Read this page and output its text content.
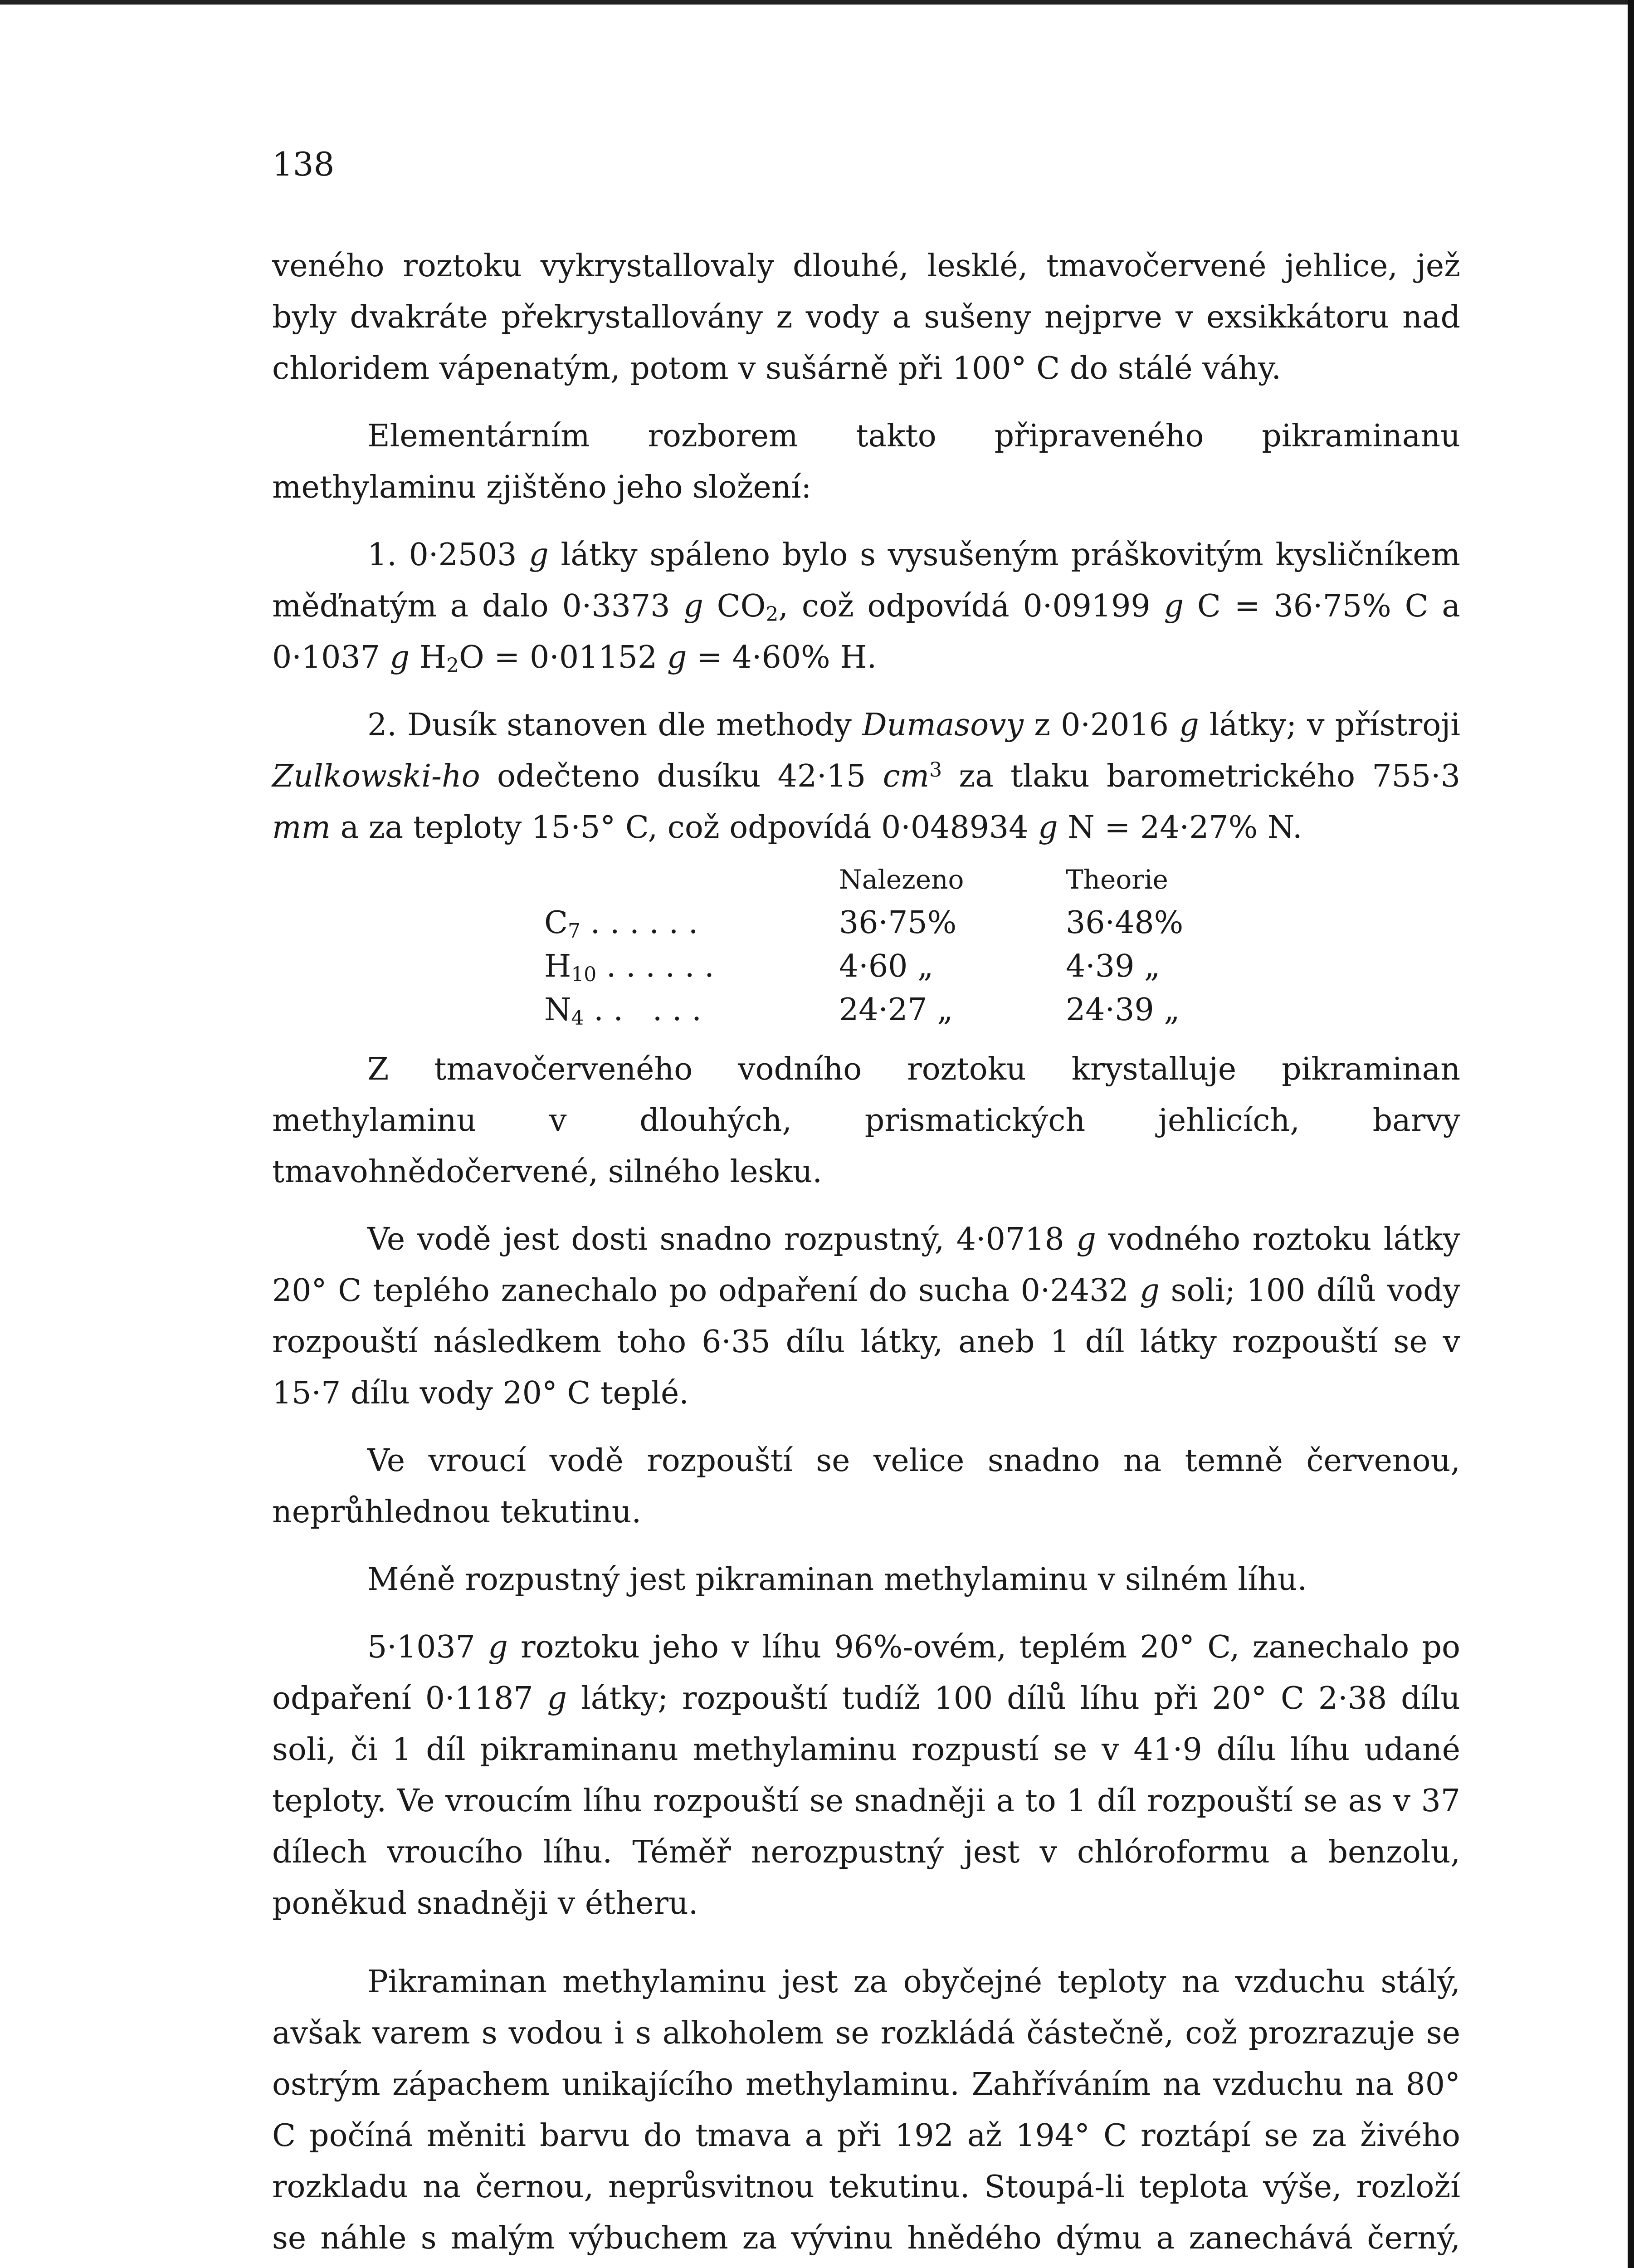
138

veného roztoku vykrystallovaly dlouhé, lesklé, tmavočervené jehlice, jež byly dvakráte překrystallovány z vody a sušeny nejprve v exsikkátoru nad chloridem vápenatým, potom v sušárně při 100° C do stálé váhy.

Elementárním rozborem takto připraveného pikraminanu methylaminu zjištěno jeho složení:

1. 0·2503 g látky spáleno bylo s vysušeným práškovitým kysličníkem měďnatým a dalo 0·3373 g $CO_2$, což odpovídá 0·09199 g C = 36·75% C a 0·1037 g $H_2O = 0\cdot 01152$ g = 4·60% H.

2. Dusík stanoven dle methody Dumasovy z 0·2016 g látky; v přístroji Zulkowski-ho odečteno dusíku 42·15 $cm^3$ za tlaku barometrického 755·3 mm a za teploty 15·5° C, což odpovídá 0·048934 g N = 24·27% N.

Nalezeno	Theorie
$C_7$ . . . . . .	36·75%	36·48%
$H_{10}$ . . . . . .	4·60 „	4·39 „
$N_4$ . .   . . .	24·27 „	24·39 „

Z tmavočerveného vodního roztoku krystalluje pikraminan methylaminu v dlouhých, prismatických jehlicích, barvy tmavohnědočervené, silného lesku.

Ve vodě jest dosti snadno rozpustný, 4·0718 g vodného roztoku látky 20° C teplého zanechalo po odpaření do sucha 0·2432 g soli; 100 dílů vody rozpouští následkem toho 6·35 dílu látky, aneb 1 díl látky rozpouští se v 15·7 dílu vody 20° C teplé.

Ve vroucí vodě rozpouští se velice snadno na temně červenou, neprůhlednou tekutinu.

Méně rozpustný jest pikraminan methylaminu v silném líhu.

5·1037 g roztoku jeho v líhu 96%-ovém, teplém 20° C, zanechalo po odpaření 0·1187 g látky; rozpouští tudíž 100 dílů líhu při 20° C 2·38 dílu soli, či 1 díl pikraminanu methylaminu rozpustí se v 41·9 dílu líhu udané teploty. Ve vroucím líhu rozpouští se snadněji a to 1 díl rozpouští se as v 37 dílech vroucího líhu. Téměř nerozpustný jest v chlóroformu a benzolu, poněkud snadněji v étheru.

Pikraminan methylaminu jest za obyčejné teploty na vzduchu stálý, avšak varem s vodou i s alkoholem se rozkládá částečně, což prozrazuje se ostrým zápachem unikajícího methylaminu. Zahříváním na vzduchu na 80° C počíná měniti barvu do tmava a při 192 až 194° C roztápí se za živého rozkladu na černou, neprůsvitnou tekutinu. Stoupá-li teplota výše, rozloží se náhle s malým výbuchem za vývinu hnědého dýmu a zanechává černý,
